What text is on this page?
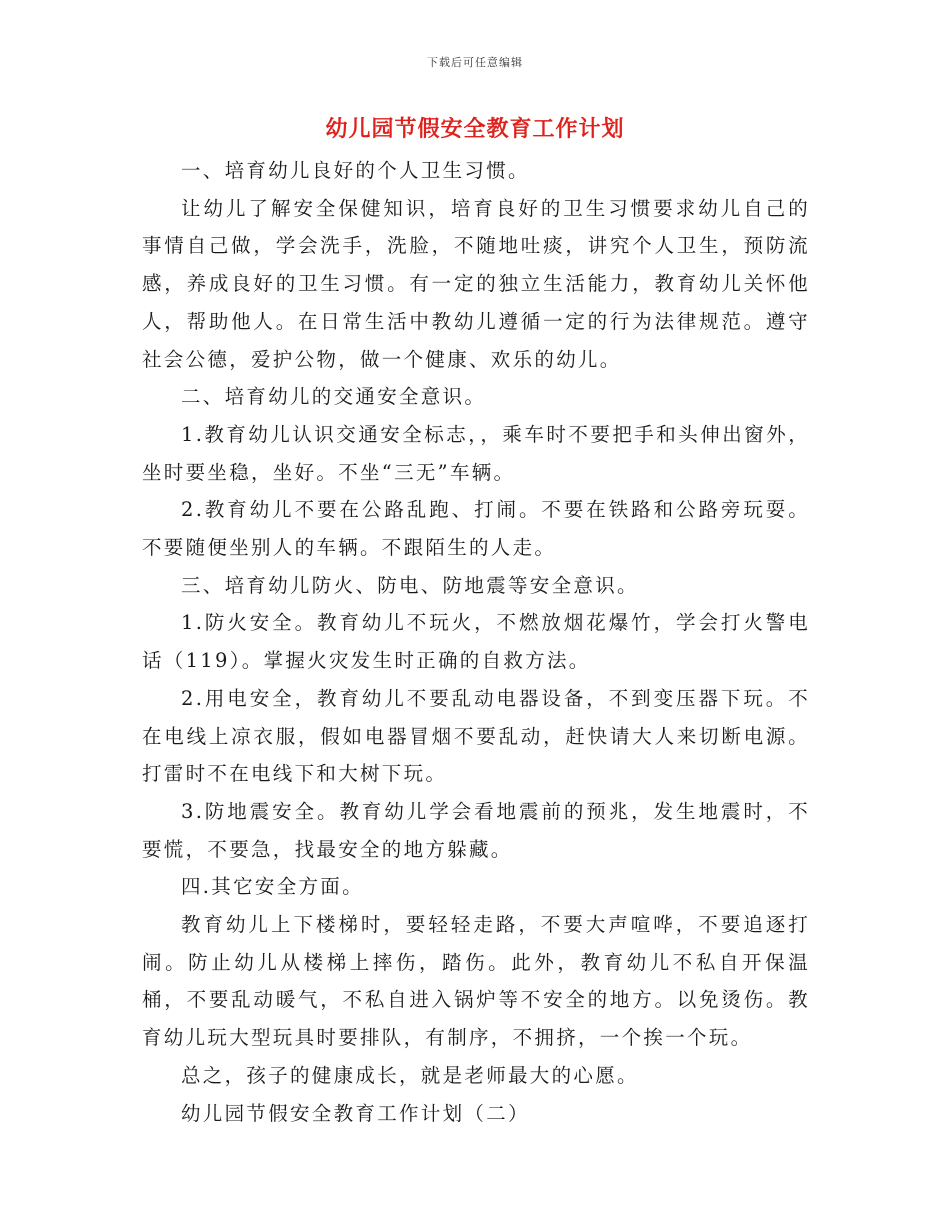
下载后可任意编辑
幼儿园节假安全教育工作计划

一、培育幼儿良好的个人卫生习惯。

让幼儿了解安全保健知识，培育良好的卫生习惯要求幼儿自己的事情自己做，学会洗手，洗脸，不随地吐痰，讲究个人卫生，预防流感，养成良好的卫生习惯。有一定的独立生活能力，教育幼儿关怀他人，帮助他人。在日常生活中教幼儿遵循一定的行为法律规范。遵守社会公德，爱护公物，做一个健康、欢乐的幼儿。

二、培育幼儿的交通安全意识。

1.教育幼儿认识交通安全标志，，乘车时不要把手和头伸出窗外，坐时要坐稳，坐好。不坐“三无”车辆。

2.教育幼儿不要在公路乱跑、打闹。不要在铁路和公路旁玩耍。不要随便坐别人的车辆。不跟陌生的人走。

三、培育幼儿防火、防电、防地震等安全意识。

1.防火安全。教育幼儿不玩火，不燃放烟花爆竹，学会打火警电话（119）。掌握火灾发生时正确的自救方法。

2.用电安全，教育幼儿不要乱动电器设备，不到变压器下玩。不在电线上凉衣服，假如电器冒烟不要乱动，赶快请大人来切断电源。打雷时不在电线下和大树下玩。

3.防地震安全。教育幼儿学会看地震前的预兆，发生地震时，不要慌，不要急，找最安全的地方躲藏。

四.其它安全方面。

教育幼儿上下楼梯时，要轻轻走路，不要大声喧哗，不要追逐打闹。防止幼儿从楼梯上摔伤，踏伤。此外，教育幼儿不私自开保温桶，不要乱动暖气，不私自进入锅炉等不安全的地方。以免烫伤。教育幼儿玩大型玩具时要排队，有制序，不拥挤，一个挨一个玩。

总之，孩子的健康成长，就是老师最大的心愿。

幼儿园节假安全教育工作计划（二）
